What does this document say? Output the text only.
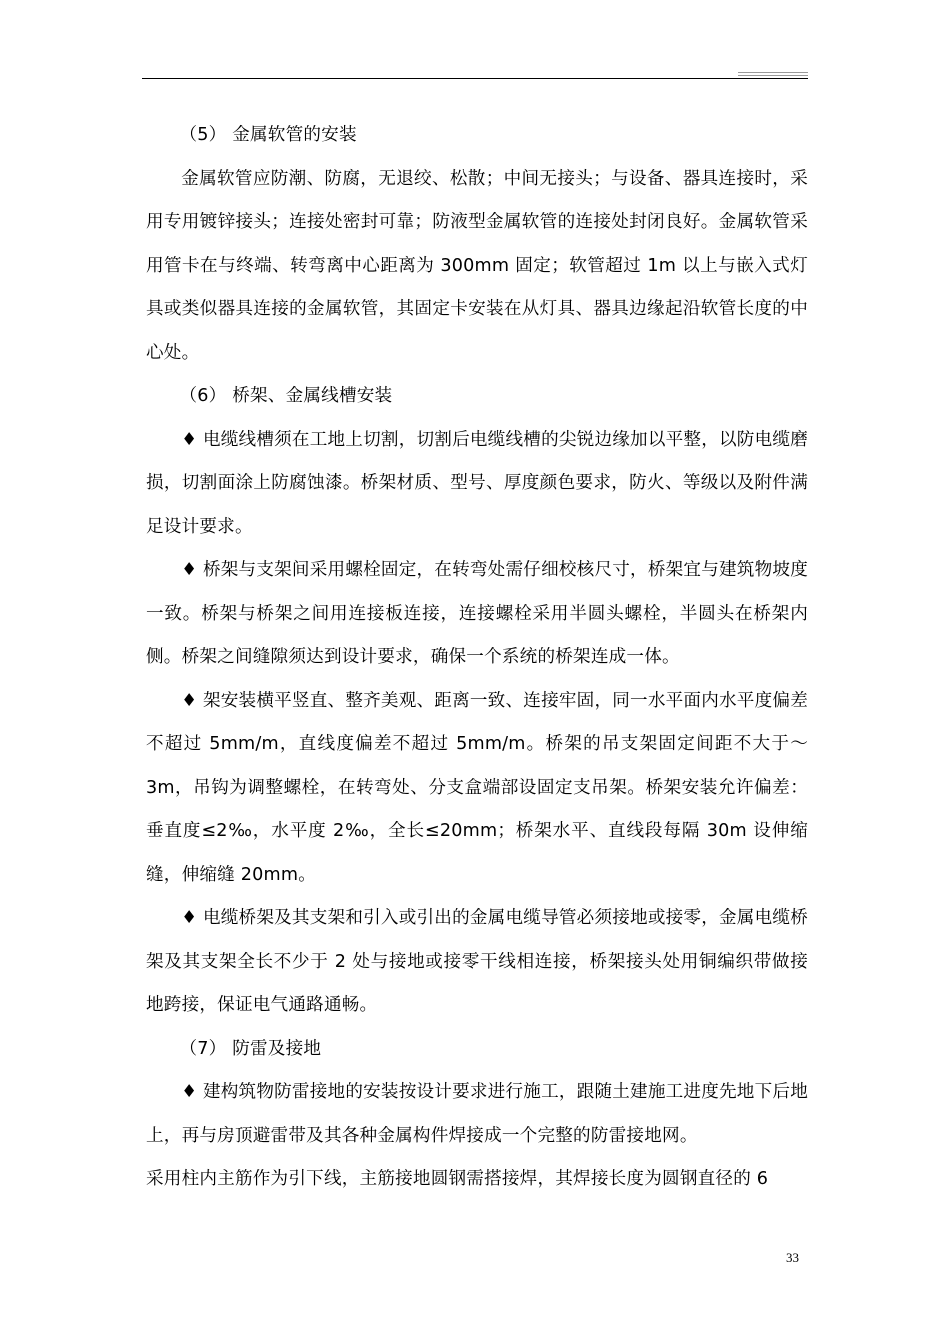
（5） 金属软管的安装

金属软管应防潮、防腐，无退绞、松散；中间无接头；与设备、器具连接时，采用专用镀锌接头；连接处密封可靠；防液型金属软管的连接处封闭良好。金属软管采用管卡在与终端、转弯离中心距离为 300mm 固定；软管超过 1m 以上与嵌入式灯具或类似器具连接的金属软管，其固定卡安装在从灯具、器具边缘起沿软管长度的中心处。

（6） 桥架、金属线槽安装

♦ 电缆线槽须在工地上切割，切割后电缆线槽的尖锐边缘加以平整，以防电缆磨损，切割面涂上防腐蚀漆。桥架材质、型号、厚度颜色要求，防火、等级以及附件满足设计要求。

♦ 桥架与支架间采用螺栓固定，在转弯处需仔细校核尺寸，桥架宜与建筑物坡度一致。桥架与桥架之间用连接板连接，连接螺栓采用半圆头螺栓，半圆头在桥架内侧。桥架之间缝隙须达到设计要求，确保一个系统的桥架连成一体。

♦ 架安装横平竖直、整齐美观、距离一致、连接牢固，同一水平面内水平度偏差不超过 5mm/m，直线度偏差不超过 5mm/m。桥架的吊支架固定间距不大于～3m，吊钩为调整螺栓，在转弯处、分支盒端部设固定支吊架。桥架安装允许偏差：垂直度≤2‰，水平度 2‰，全长≤20mm；桥架水平、直线段每隔 30m 设伸缩缝，伸缩缝 20mm。

♦ 电缆桥架及其支架和引入或引出的金属电缆导管必须接地或接零，金属电缆桥架及其支架全长不少于 2 处与接地或接零干线相连接，桥架接头处用铜编织带做接地跨接，保证电气通路通畅。

（7） 防雷及接地

♦ 建构筑物防雷接地的安装按设计要求进行施工，跟随土建施工进度先地下后地上，再与房顶避雷带及其各种金属构件焊接成一个完整的防雷接地网。

采用柱内主筋作为引下线，主筋接地圆钢需搭接焊，其焊接长度为圆钢直径的 6

33
